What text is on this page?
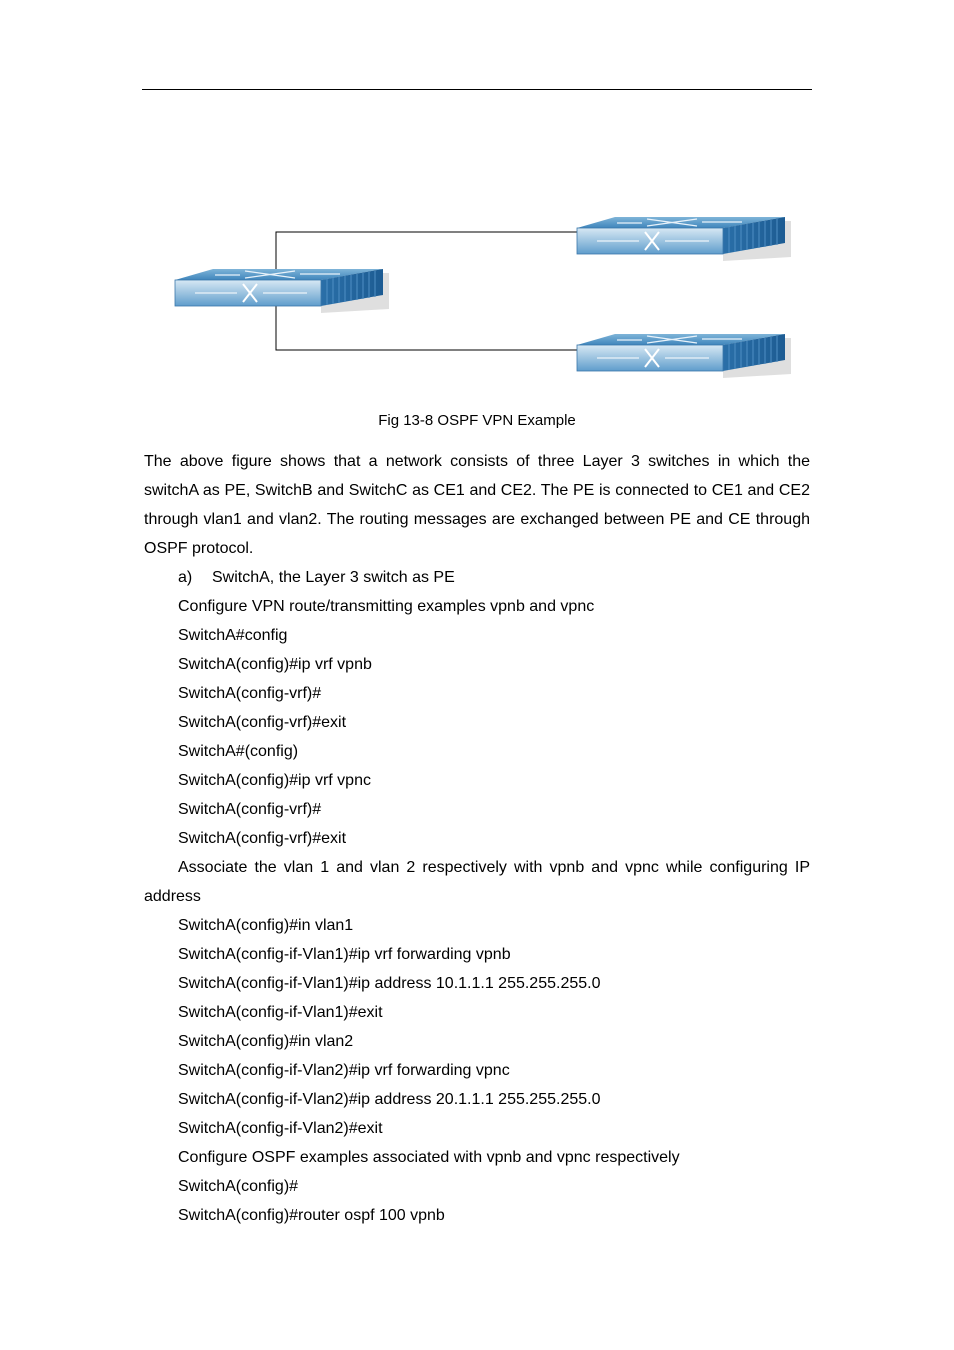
Fig 13-8 OSPF VPN Example
The above figure shows that a network consists of three Layer 3 switches in which the switchA as PE, SwitchB and SwitchC as CE1 and CE2. The PE is connected to CE1 and CE2 through vlan1 and vlan2. The routing messages are exchanged between PE and CE through OSPF protocol.
a) SwitchA, the Layer 3 switch as PE
Configure VPN route/transmitting examples vpnb and vpnc
SwitchA#config
SwitchA(config)#ip vrf vpnb
SwitchA(config-vrf)#
SwitchA(config-vrf)#exit
SwitchA#(config)
SwitchA(config)#ip vrf vpnc
SwitchA(config-vrf)#
SwitchA(config-vrf)#exit
Associate the vlan 1 and vlan 2 respectively with vpnb and vpnc while configuring IP address
SwitchA(config)#in vlan1
SwitchA(config-if-Vlan1)#ip vrf forwarding vpnb
SwitchA(config-if-Vlan1)#ip address 10.1.1.1 255.255.255.0
SwitchA(config-if-Vlan1)#exit
SwitchA(config)#in vlan2
SwitchA(config-if-Vlan2)#ip vrf forwarding vpnc
SwitchA(config-if-Vlan2)#ip address 20.1.1.1 255.255.255.0
SwitchA(config-if-Vlan2)#exit
Configure OSPF examples associated with vpnb and vpnc respectively
SwitchA(config)#
SwitchA(config)#router ospf 100 vpnb
